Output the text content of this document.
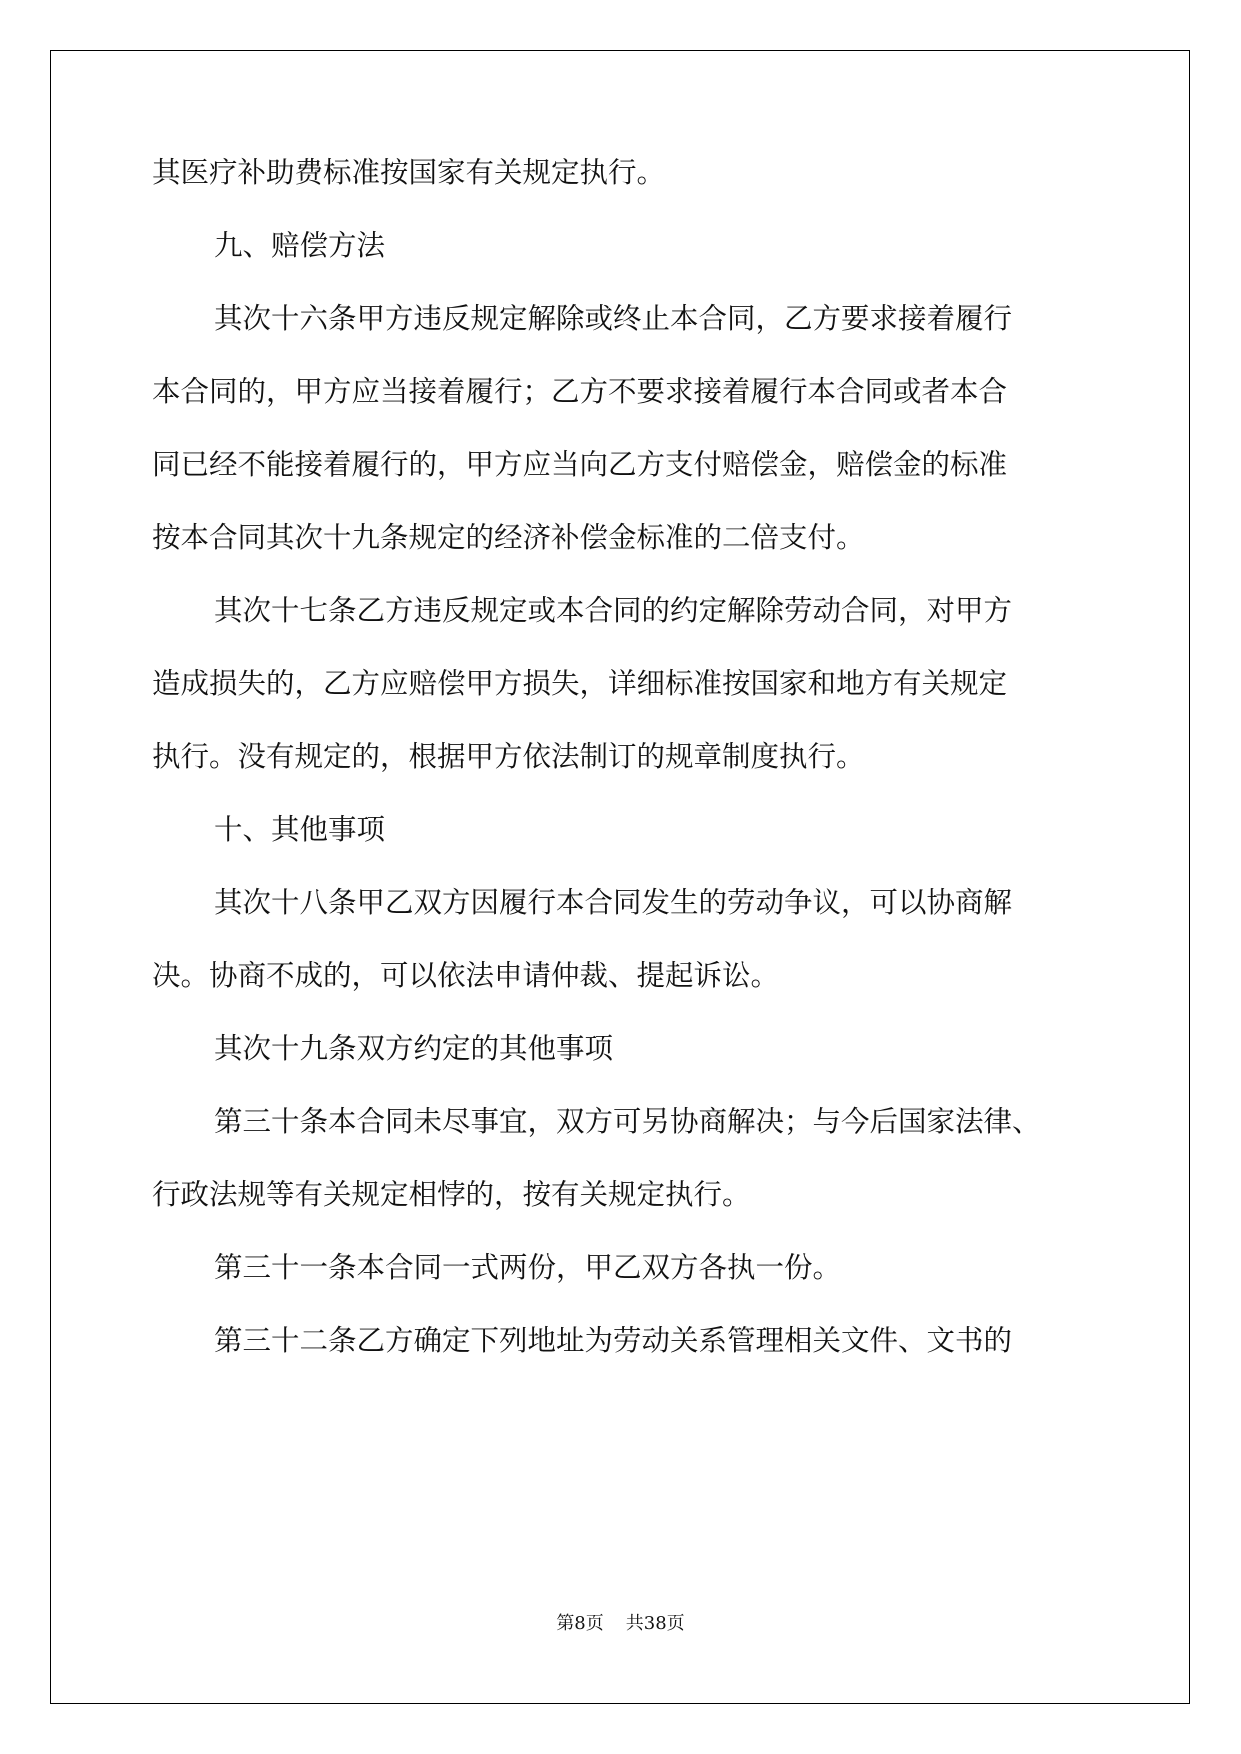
其医疗补助费标准按国家有关规定执行。

九、赔偿方法

其次十六条甲方违反规定解除或终止本合同，乙方要求接着履行

本合同的，甲方应当接着履行；乙方不要求接着履行本合同或者本合

同已经不能接着履行的，甲方应当向乙方支付赔偿金，赔偿金的标准

按本合同其次十九条规定的经济补偿金标准的二倍支付。

其次十七条乙方违反规定或本合同的约定解除劳动合同，对甲方

造成损失的，乙方应赔偿甲方损失，详细标准按国家和地方有关规定

执行。没有规定的，根据甲方依法制订的规章制度执行。

十、其他事项

其次十八条甲乙双方因履行本合同发生的劳动争议，可以协商解

决。协商不成的，可以依法申请仲裁、提起诉讼。

其次十九条双方约定的其他事项

第三十条本合同未尽事宜，双方可另协商解决；与今后国家法律、

行政法规等有关规定相悖的，按有关规定执行。

第三十一条本合同一式两份，甲乙双方各执一份。

第三十二条乙方确定下列地址为劳动关系管理相关文件、文书的

第8页 共38页
